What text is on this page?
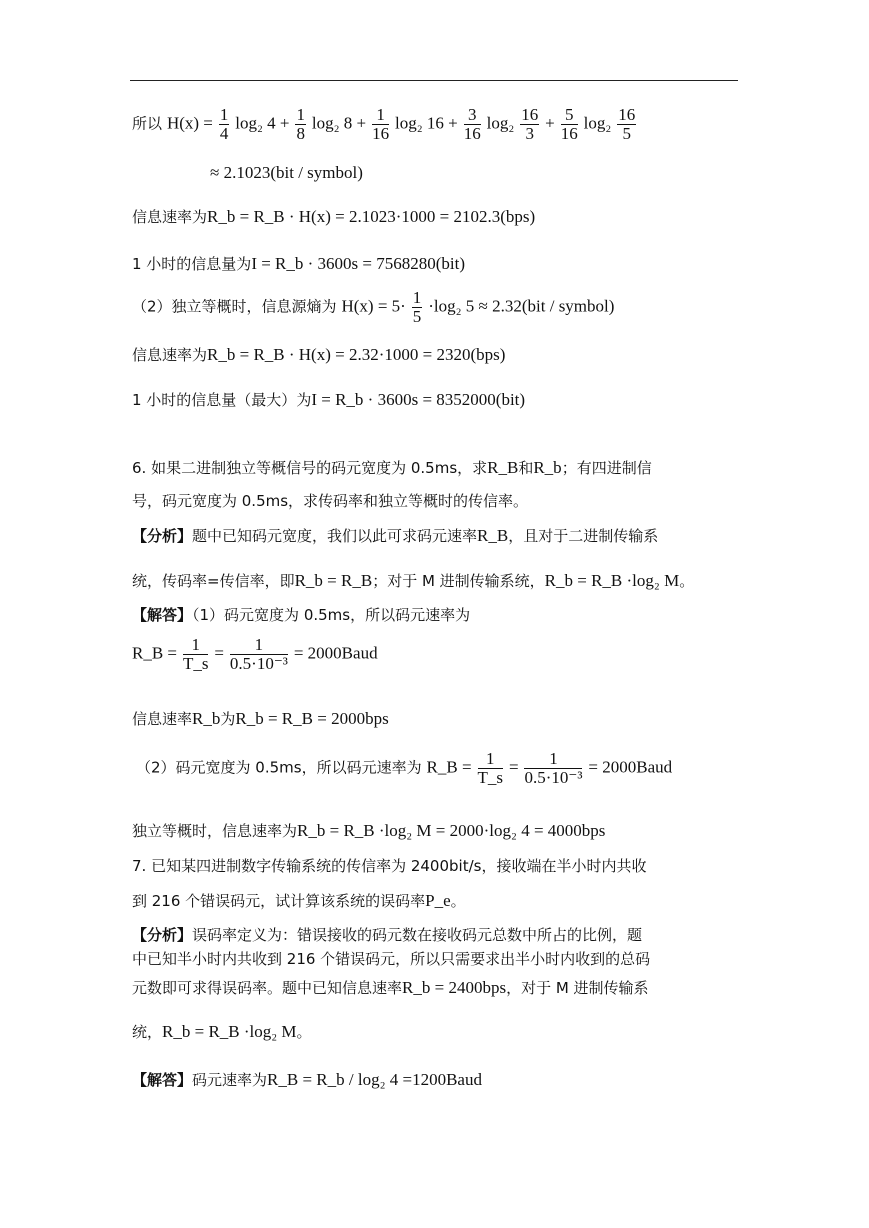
所以 $H(x) = \frac{1}{4} \log_2$ $4 + \frac{1}{8} \log_2$ $8 + \frac{1}{16} \log_2$ $16 + \frac{3}{16} \log_2 \frac{16}{3} + \frac{5}{16} \log_2 \frac{16}{5}$
≈ 2.1023(bit / symbol)
信息速率为R_b = R_B · H(x) = 2.1023·1000 = 2102.3(bps)
1 小时的信息量为I = R_b · 3600s = 7568280(bit)
（2）独立等概时，信息源熵为 $H(x) = 5\cdot \frac{1}{5} \cdot\log_2$ 5 ≈ 2.32(bit / symbol)
信息速率为R_b = R_B · H(x) = 2.32·1000 = 2320(bps)
1 小时的信息量（最大）为I = R_b · 3600s = 8352000(bit)
6. 如果二进制独立等概信号的码元宽度为 0.5ms，求R_B和R_b；有四进制信
号，码元宽度为 0.5ms，求传码率和独立等概时的传信率。
【分析】题中已知码元宽度，我们以此可求码元速率R_B，且对于二进制传输系
统，传码率=传信率，即R_b = R_B；对于 M 进制传输系统，R_b = R_B ·log₂ M。
【解答】（1）码元宽度为 0.5ms，所以码元速率为
R_B = $\frac{1}{T\_s} = \frac{1}{\text{0.5·10⁻³}}$ = 2000Baud
信息速率R_b为R_b = R_B = 2000bps
（2）码元宽度为 0.5ms，所以码元速率为 R_B = $\frac{1}{T\_s} = \frac{1}{\text{0.5·10⁻³}}$ = 2000Baud
独立等概时，信息速率为R_b = R_B ·log₂ M = 2000·log₂ 4 = 4000bps
7. 已知某四进制数字传输系统的传信率为 2400bit/s，接收端在半小时内共收
到 216 个错误码元，试计算该系统的误码率P_e。
【分析】误码率定义为：错误接收的码元数在接收码元总数中所占的比例，题
中已知半小时内共收到 216 个错误码元，所以只需要求出半小时内收到的总码
元数即可求得误码率。题中已知信息速率R_b = 2400bps，对于 M 进制传输系
统，R_b = R_B ·log₂ M。
【解答】码元速率为R_B = R_b / log₂ 4 =1200Baud
